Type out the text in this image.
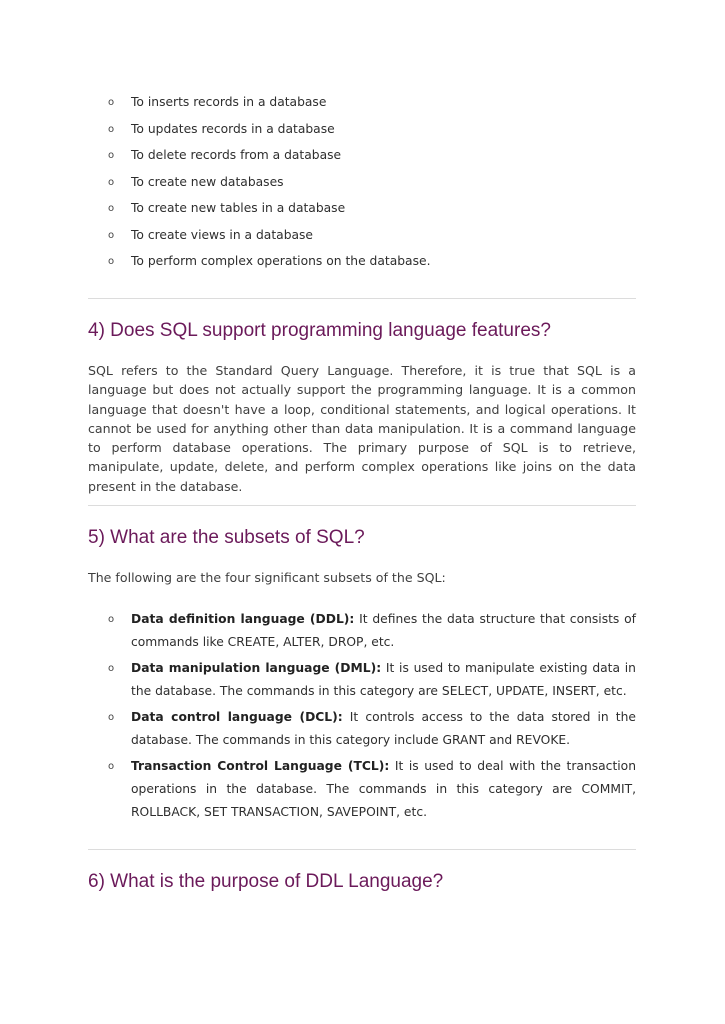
o To inserts records in a database
o To updates records in a database
o To delete records from a database
o To create new databases
o To create new tables in a database
o To create views in a database
o To perform complex operations on the database.
4) Does SQL support programming language features?

SQL refers to the Standard Query Language. Therefore, it is true that SQL is a language but does not actually support the programming language. It is a common language that doesn't have a loop, conditional statements, and logical operations. It cannot be used for anything other than data manipulation. It is a command language to perform database operations. The primary purpose of SQL is to retrieve, manipulate, update, delete, and perform complex operations like joins on the data present in the database.

5) What are the subsets of SQL?

The following are the four significant subsets of the SQL:

o Data definition language (DDL): It defines the data structure that consists of commands like CREATE, ALTER, DROP, etc.
o Data manipulation language (DML): It is used to manipulate existing data in the database. The commands in this category are SELECT, UPDATE, INSERT, etc.
o Data control language (DCL): It controls access to the data stored in the database. The commands in this category include GRANT and REVOKE.
o Transaction Control Language (TCL): It is used to deal with the transaction operations in the database. The commands in this category are COMMIT, ROLLBACK, SET TRANSACTION, SAVEPOINT, etc.
6) What is the purpose of DDL Language?
